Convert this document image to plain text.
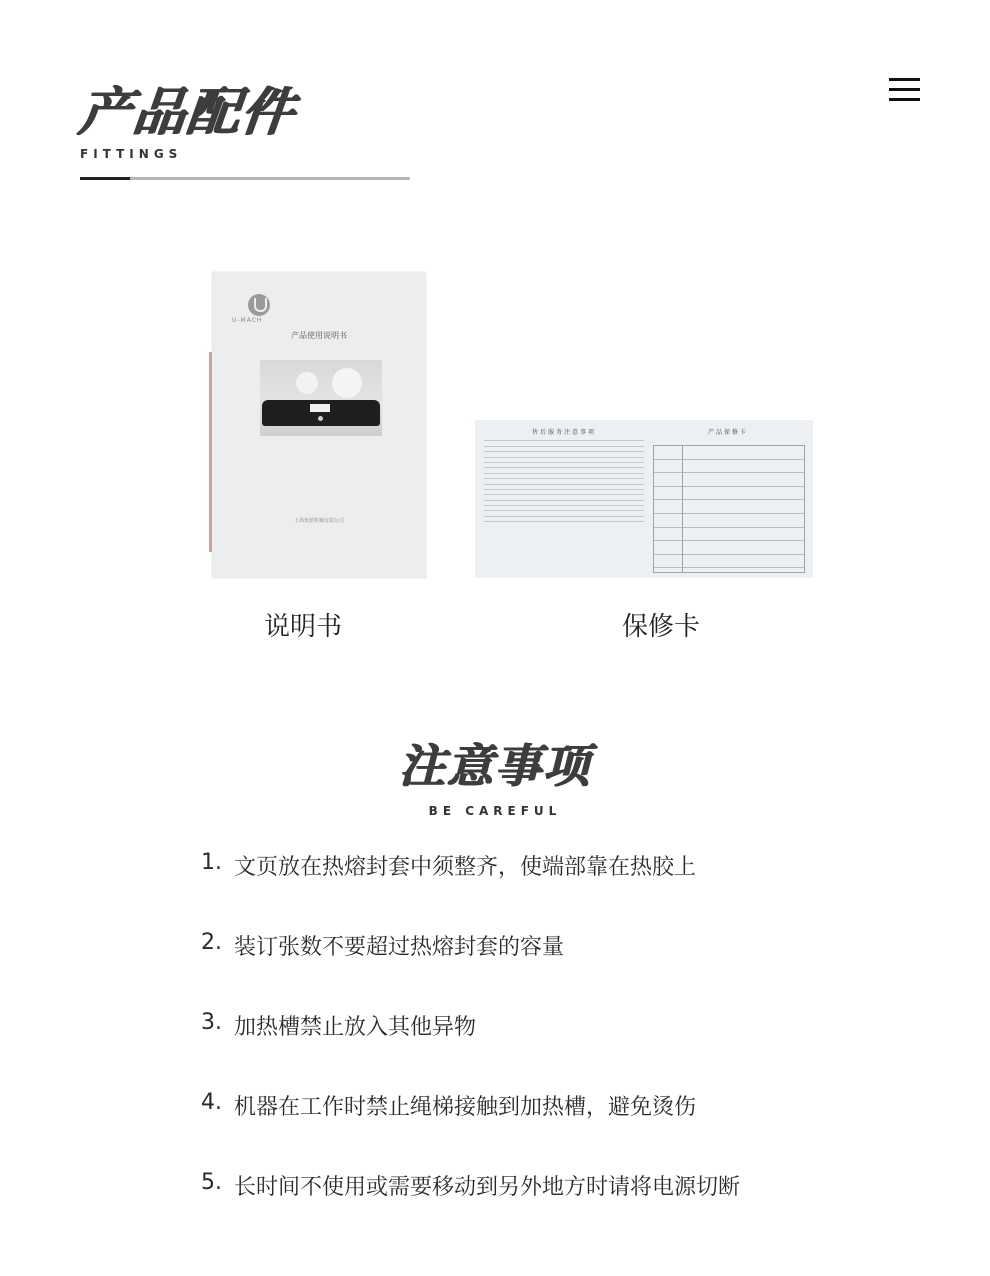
产品配件
FITTINGS
U-MACH
产品使用说明书
上海优派机械有限公司
售后服务注意事项	产品保修卡
说明书	保修卡
注意事项
BE CAREFUL
1. 文页放在热熔封套中须整齐，使端部靠在热胶上
2. 装订张数不要超过热熔封套的容量
3. 加热槽禁止放入其他异物
4. 机器在工作时禁止绳梯接触到加热槽，避免烫伤
5. 长时间不使用或需要移动到另外地方时请将电源切断
